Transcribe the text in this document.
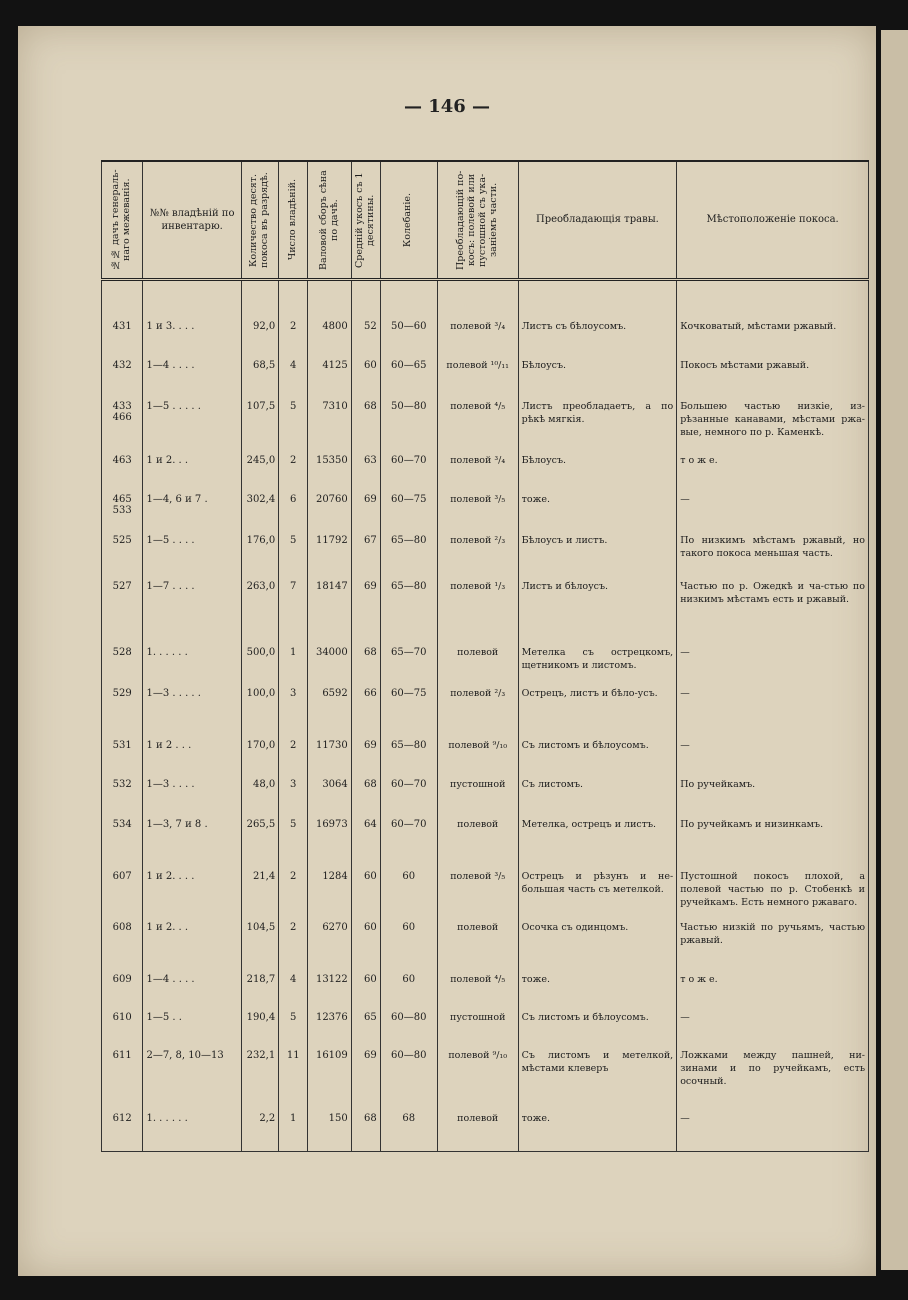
— 146 —
№№ дачъ генераль-наго межеванія.	№№ владѣній по инвентарю.	Количество десят. покоса въ разрядѣ.	Число владѣній.	Валовой сборъ сѣна по дачѣ.	Средній укосъ съ 1 десятины.	Колебаніе.	Преобладающій по-косъ: полевой или пустошной съ ука-заніемъ части.	Преобладающія травы.	Мѣстоположеніе покоса.
431	1 и 3. . . .	92,0	2	4800	52	50—60	полевой ³/₄	Листъ съ бѣлоусомъ.	Кочковатый, мѣстами ржавый.
432	1—4 . . . .	68,5	4	4125	60	60—65	полевой ¹⁰/₁₁	Бѣлоусъ.	Покосъ мѣстами ржавый.
433 466	1—5 . . . . .	107,5	5	7310	68	50—80	полевой ⁴/₅	Листъ преобладаетъ, а по рѣкѣ мягкія.	Большею частью низкіе, из-рѣзанные канавами, мѣстами ржа-вые, немного по р. Каменкѣ.
463	1 и 2. . .	245,0	2	15350	63	60—70	полевой ³/₄	Бѣлоусъ.	т о ж е.
465 533	1—4, 6 и 7 .	302,4	6	20760	69	60—75	полевой ³/₅	тоже.	—
525	1—5 . . . .	176,0	5	11792	67	65—80	полевой ²/₃	Бѣлоусъ и листъ.	По низкимъ мѣстамъ ржавый, но такого покоса меньшая часть.
527	1—7 . . . .	263,0	7	18147	69	65—80	полевой ¹/₃	Листъ и бѣлоусъ.	Частью по р. Ожедкѣ и ча-стью по низкимъ мѣстамъ есть и ржавый.
528	1. . . . . .	500,0	1	34000	68	65—70	полевой	Метелка съ острецкомъ, щетникомъ и листомъ.	—
529	1—3 . . . . .	100,0	3	6592	66	60—75	полевой ²/₃	Острецъ, листъ и бѣло-усъ.	—
531	1 и 2 . . .	170,0	2	11730	69	65—80	полевой ⁹/₁₀	Съ листомъ и бѣлоусомъ.	—
532	1—3 . . . .	48,0	3	3064	68	60—70	пустошной	Съ листомъ.	По ручейкамъ.
534	1—3, 7 и 8 .	265,5	5	16973	64	60—70	полевой	Метелка, острецъ и листъ.	По ручейкамъ и низинкамъ.
607	1 и 2. . . .	21,4	2	1284	60	60	полевой ³/₅	Острецъ и рѣзунъ и не-большая часть съ метелкой.	Пустошной покосъ плохой, а полевой частью по р. Стобенкѣ и ручейкамъ. Есть немного ржаваго.
608	1 и 2. . .	104,5	2	6270	60	60	полевой	Осочка съ одинцомъ.	Частью низкій по ручьямъ, частью ржавый.
609	1—4 . . . .	218,7	4	13122	60	60	полевой ⁴/₅	тоже.	т о ж е.
610	1—5 . .	190,4	5	12376	65	60—80	пустошной	Съ листомъ и бѣлоусомъ.	—
611	2—7, 8, 10—13	232,1	11	16109	69	60—80	полевой ⁹/₁₀	Съ листомъ и метелкой, мѣстами клеверъ	Ложками между пашней, ни-зинами и по ручейкамъ, есть осочный.
612	1. . . . . .	2,2	1	150	68	68	полевой	тоже.	—
